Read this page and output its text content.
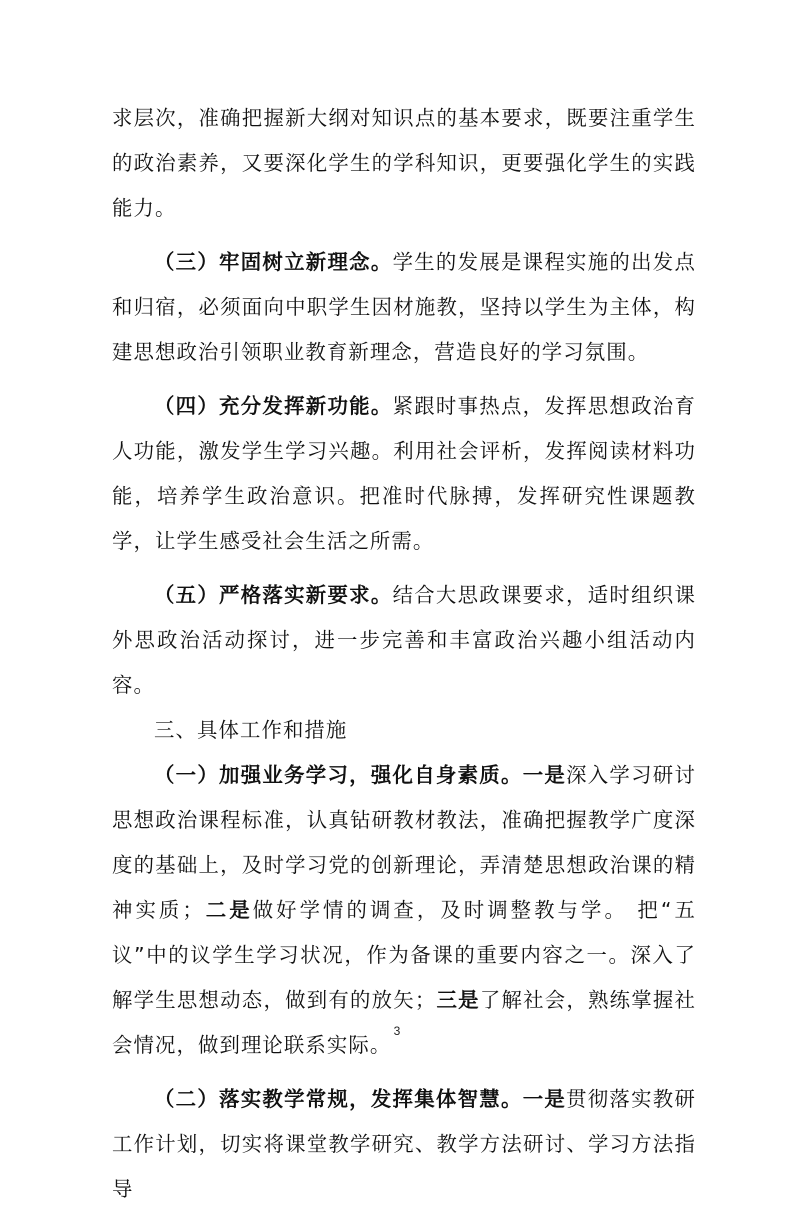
求层次，准确把握新大纲对知识点的基本要求，既要注重学生的政治素养，又要深化学生的学科知识，更要强化学生的实践能力。

（三）牢固树立新理念。学生的发展是课程实施的出发点和归宿，必须面向中职学生因材施教，坚持以学生为主体，构建思想政治引领职业教育新理念，营造良好的学习氛围。

（四）充分发挥新功能。紧跟时事热点，发挥思想政治育人功能，激发学生学习兴趣。利用社会评析，发挥阅读材料功能，培养学生政治意识。把准时代脉搏，发挥研究性课题教学，让学生感受社会生活之所需。

（五）严格落实新要求。结合大思政课要求，适时组织课外思政治活动探讨，进一步完善和丰富政治兴趣小组活动内容。

三、具体工作和措施

（一）加强业务学习，强化自身素质。一是深入学习研讨思想政治课程标准，认真钻研教材教法，准确把握教学广度深度的基础上，及时学习党的创新理论，弄清楚思想政治课的精神实质；二是做好学情的调查，及时调整教与学。 把“五议”中的议学生学习状况，作为备课的重要内容之一。深入了解学生思想动态，做到有的放矢；三是了解社会，熟练掌握社会情况，做到理论联系实际。

（二）落实教学常规，发挥集体智慧。一是贯彻落实教研工作计划，切实将课堂教学研究、教学方法研讨、学习方法指导

3
